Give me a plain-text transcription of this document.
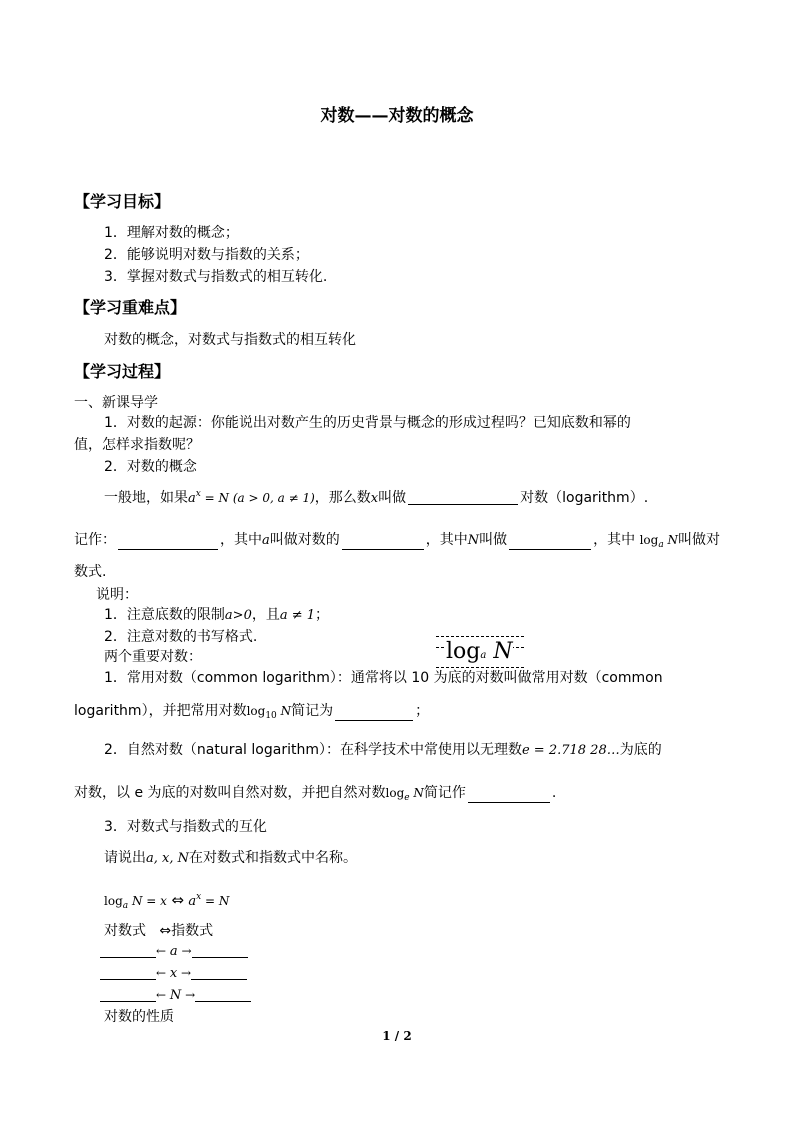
对数——对数的概念
【学习目标】
1．理解对数的概念；
2．能够说明对数与指数的关系；
3．掌握对数式与指数式的相互转化.
【学习重难点】
对数的概念，对数式与指数式的相互转化
【学习过程】
一、新课导学
1．对数的起源：你能说出对数产生的历史背景与概念的形成过程吗？已知底数和幂的
值，怎样求指数呢？
2．对数的概念
一般地，如果$a^x = N$ (a > 0, a ≠ 1)，那么数x叫做	对数（logarithm）.
记作：	，其中a叫做对数的	，其中N叫做	，其中 $\log_a N$叫做对
数式.
说明：
1．注意底数的限制a>0，且a ≠ 1；
2．注意对数的书写格式.
两个重要对数：	loga N
1．常用对数（common logarithm）：通常将以 10 为底的对数叫做常用对数（common
logarithm），并把常用对数$\log_{10} N$简记为	；
2．自然对数（natural logarithm）：在科学技术中常使用以无理数e = 2.718 28…为底的
对数，以 e 为底的对数叫自然对数，并把自然对数$\log_e N$简记作	.
3．对数式与指数式的互化
请说出a, x, N在对数式和指数式中名称。
$\log_a N = x$ ⇔ $a^x = N$
对数式 ⇔指数式
← a →
← x →
← N →
对数的性质
1 / 2
